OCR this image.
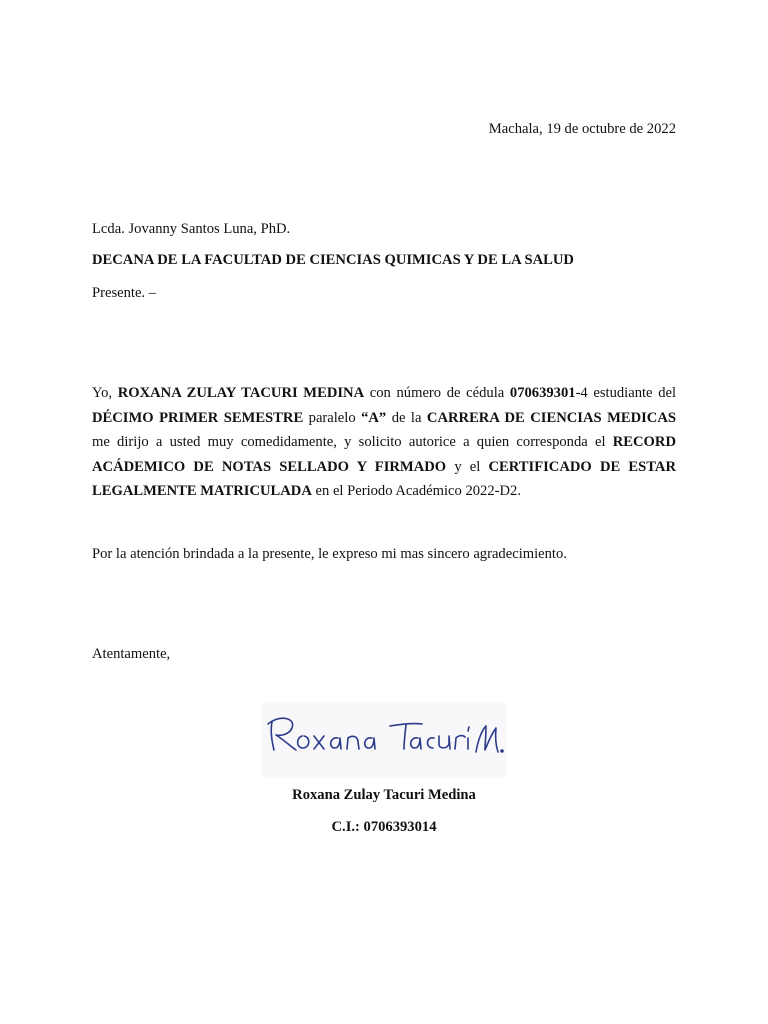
Machala, 19 de octubre de 2022
Lcda. Jovanny Santos Luna, PhD.
DECANA DE LA FACULTAD DE CIENCIAS QUIMICAS Y DE LA SALUD
Presente. –
Yo, ROXANA ZULAY TACURI MEDINA con número de cédula 070639301-4 estudiante del DÉCIMO PRIMER SEMESTRE paralelo “A” de la CARRERA DE CIENCIAS MEDICAS me dirijo a usted muy comedidamente, y solicito autorice a quien corresponda el RECORD ACÁDEMICO DE NOTAS SELLADO Y FIRMADO y el CERTIFICADO DE ESTAR LEGALMENTE MATRICULADA en el Periodo Académico 2022-D2.
Por la atención brindada a la presente, le expreso mi mas sincero agradecimiento.
Atentamente,
Roxana Zulay Tacuri Medina
C.I.: 0706393014
